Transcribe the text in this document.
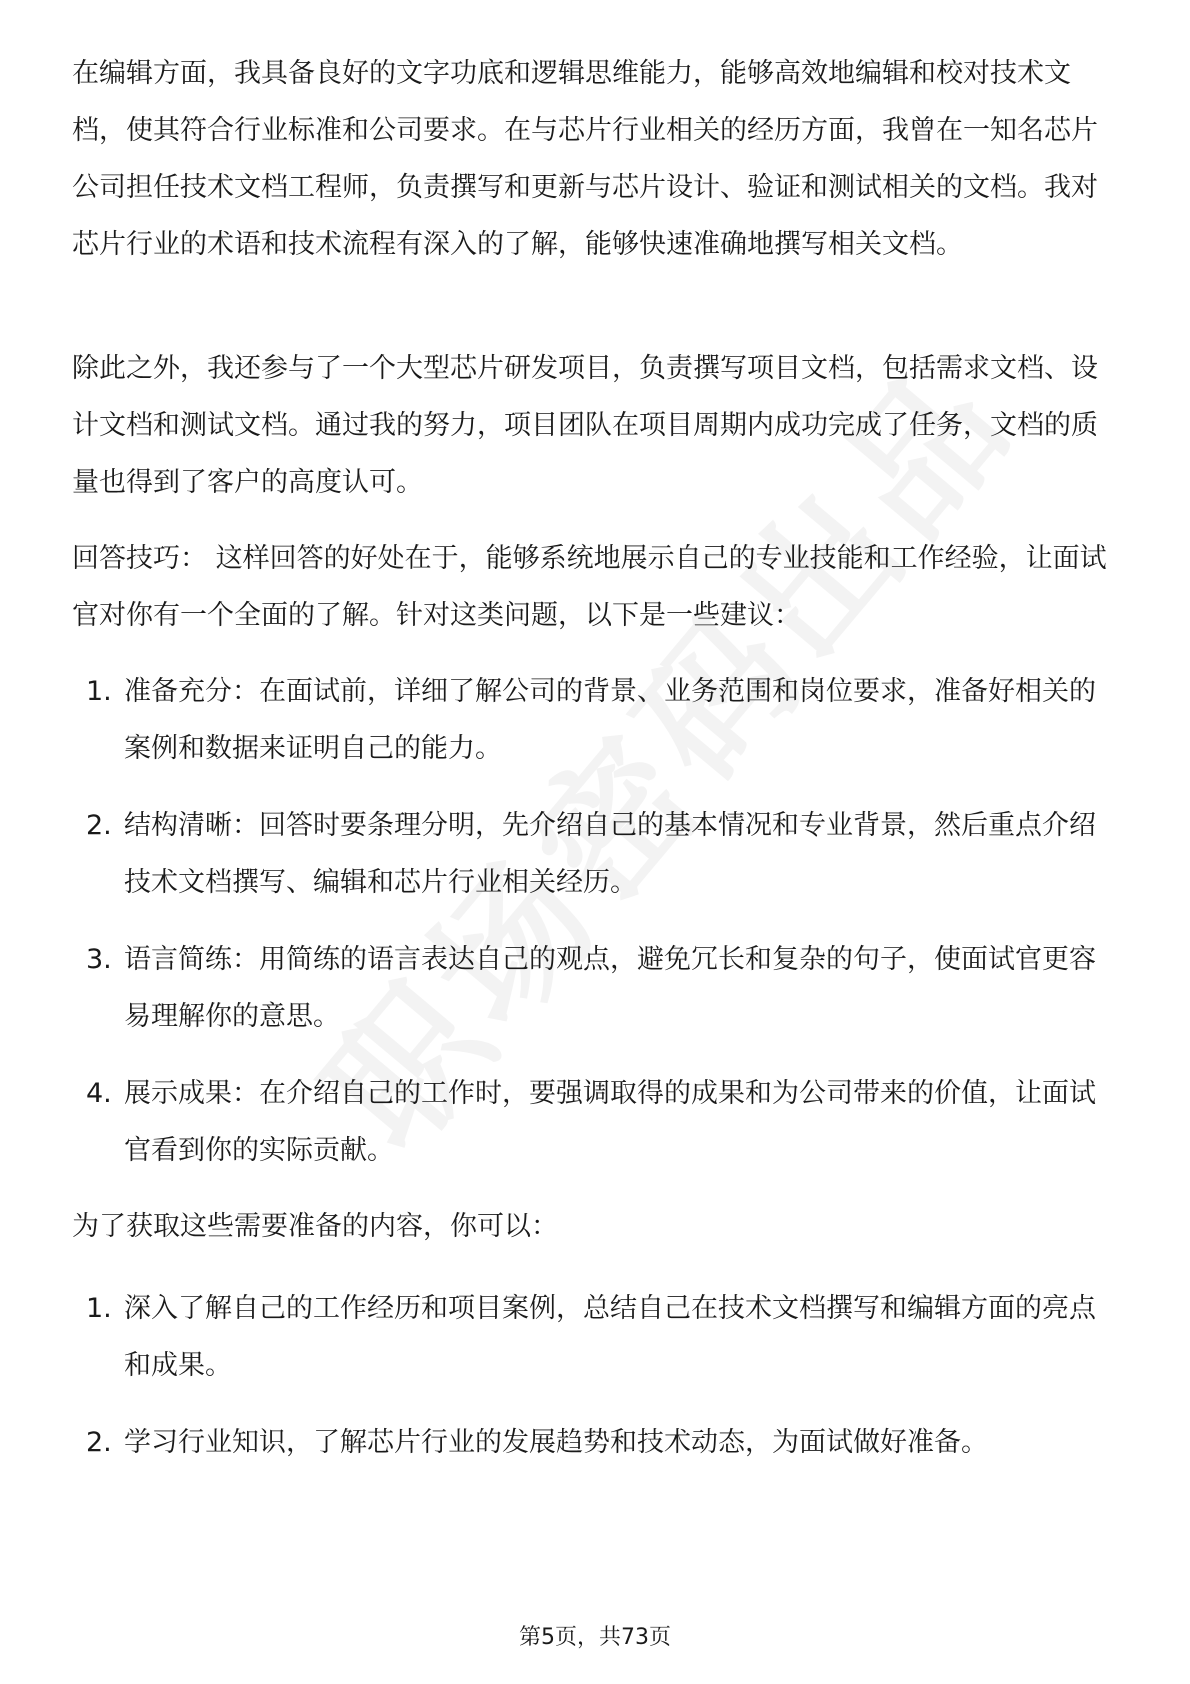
在编辑方面，我具备良好的文字功底和逻辑思维能力，能够高效地编辑和校对技术文档，使其符合行业标准和公司要求。在与芯片行业相关的经历方面，我曾在一知名芯片公司担任技术文档工程师，负责撰写和更新与芯片设计、验证和测试相关的文档。我对芯片行业的术语和技术流程有深入的了解，能够快速准确地撰写相关文档。

除此之外，我还参与了一个大型芯片研发项目，负责撰写项目文档，包括需求文档、设计文档和测试文档。通过我的努力，项目团队在项目周期内成功完成了任务，文档的质量也得到了客户的高度认可。

回答技巧： 这样回答的好处在于，能够系统地展示自己的专业技能和工作经验，让面试官对你有一个全面的了解。针对这类问题，以下是一些建议：

1. 准备充分：在面试前，详细了解公司的背景、业务范围和岗位要求，准备好相关的案例和数据来证明自己的能力。
2. 结构清晰：回答时要条理分明，先介绍自己的基本情况和专业背景，然后重点介绍技术文档撰写、编辑和芯片行业相关经历。
3. 语言简练：用简练的语言表达自己的观点，避免冗长和复杂的句子，使面试官更容易理解你的意思。
4. 展示成果：在介绍自己的工作时，要强调取得的成果和为公司带来的价值，让面试官看到你的实际贡献。

为了获取这些需要准备的内容，你可以：

1. 深入了解自己的工作经历和项目案例，总结自己在技术文档撰写和编辑方面的亮点和成果。
2. 学习行业知识，了解芯片行业的发展趋势和技术动态，为面试做好准备。
第5页，共73页
